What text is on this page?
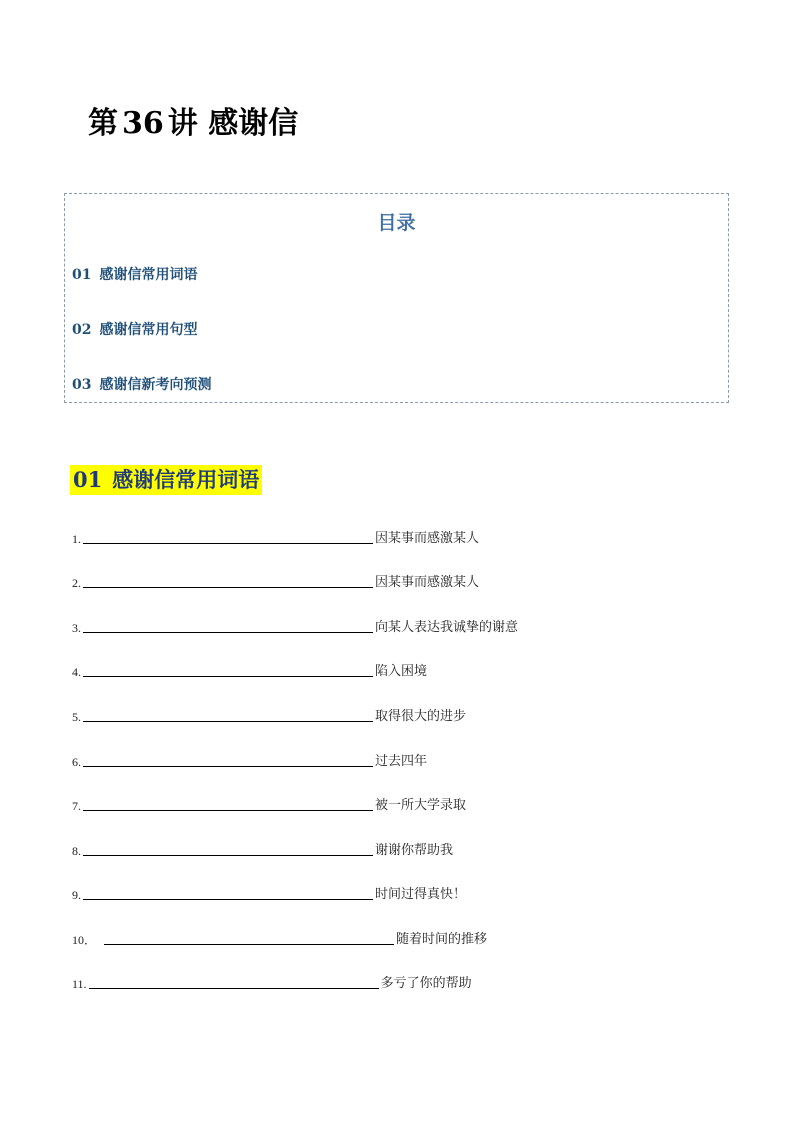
第 36 讲 感谢信
目录
01 感谢信常用词语
02 感谢信常用句型
03 感谢信新考向预测
01 感谢信常用词语
1.	因某事而感激某人
2.	因某事而感激某人
3.	向某人表达我诚挚的谢意
4.	陷入困境
5.	取得很大的进步
6.	过去四年
7.	被一所大学录取
8.	谢谢你帮助我
9.	时间过得真快！
10．	随着时间的推移
11.	多亏了你的帮助
